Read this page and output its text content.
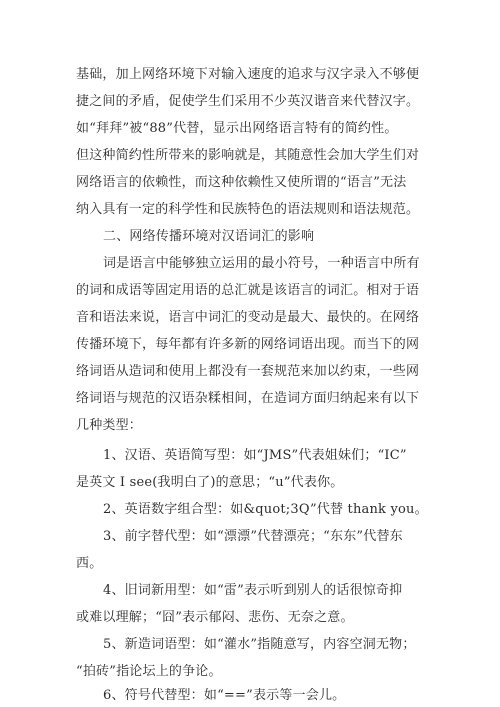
基础，加上网络环境下对输入速度的追求与汉字录入不够便
捷之间的矛盾，促使学生们采用不少英汉谐音来代替汉字。
如“拜拜”被“88”代替，显示出网络语言特有的简约性。
但这种简约性所带来的影响就是，其随意性会加大学生们对
网络语言的依赖性，而这种依赖性又使所谓的“语言”无法
纳入具有一定的科学性和民族特色的语法规则和语法规范。
二、网络传播环境对汉语词汇的影响
词是语言中能够独立运用的最小符号，一种语言中所有
的词和成语等固定用语的总汇就是该语言的词汇。相对于语
音和语法来说，语言中词汇的变动是最大、最快的。在网络
传播环境下，每年都有许多新的网络词语出现。而当下的网
络词语从造词和使用上都没有一套规范来加以约束，一些网
络词语与规范的汉语杂糅相间，在造词方面归纳起来有以下
几种类型：
1、汉语、英语简写型：如“JMS”代表姐妹们；“IC”
是英文 I see(我明白了)的意思；“u”代表你。
2、英语数字组合型：如&quot;3Q”代替 thank you。
3、前字替代型：如“漂漂”代替漂亮；“东东”代替东
西。
4、旧词新用型：如“雷”表示听到别人的话很惊奇抑
或难以理解；“囧”表示郁闷、悲伤、无奈之意。
5、新造词语型：如“灌水”指随意写，内容空洞无物；
“拍砖”指论坛上的争论。
6、符号代替型：如“==”表示等一会儿。
